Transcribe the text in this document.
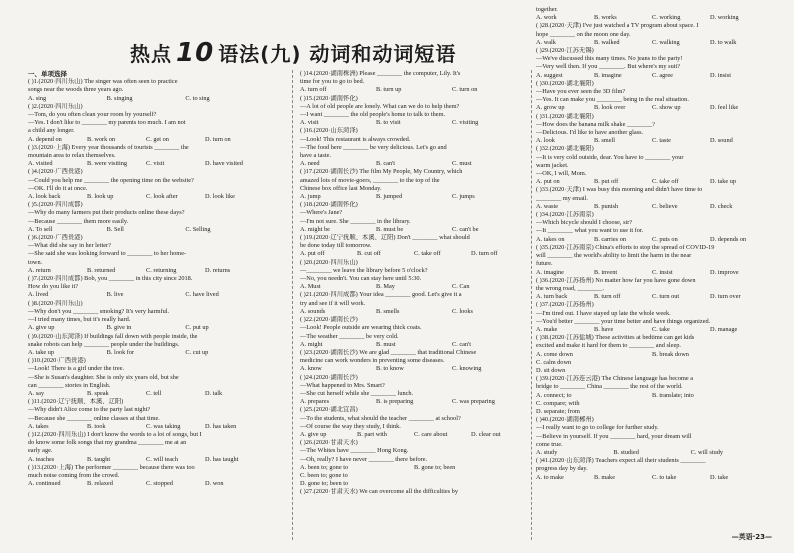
热点 10 语法(九) 动词和动词短语
一、单项选择
( )1.(2020·四川乐山) The singer was often seen to practice
songs near the woods three years ago.
A. sing	B. singing	C. to sing
( )2.(2020·四川乐山)
—Tom, do you often clean your room by yourself?
—Yes. I don't like to ________ my parents too much. I am not
a child any longer.
A. depend on	B. work on	C. get on	D. turn on
( )3.(2020·上海) Every year thousands of tourists ________ the
mountain area to relax themselves.
A. visited	B. were visiting	C. visit	D. have visited
( )4.(2020·广西贵港)
—Could you help me ________ the opening time on the website?
—OK. I'll do it at once.
A. look back	B. look up	C. look after	D. look like
( )5.(2020·四川成都)
—Why do many farmers put their products online these days?
—Because ________ them more easily.
A. To sell	B. Sell	C. Selling
( )6.(2020·广西贵港)
—What did she say in her letter?
—She said she was looking forward to ________ to her home-
town.
A. return	B. returned	C. returning	D. returns
( )7.(2020·四川成都) Bob, you ________ in this city since 2018.
How do you like it?
A. lived	B. live	C. have lived
( )8.(2020·四川乐山)
—Why don't you ________ smoking? It's very harmful.
—I tried many times, but it's really hard.
A. give up	B. give in	C. put up
( )9.(2020·山东菏泽) If buildings fall down with people inside, the
snake robots can help ________ people under the buildings.
A. take up	B. look for	C. cut up
( )10.(2020·广西贵港)
—Look! There is a girl under the tree.
—She is Susan's daughter. She is only six years old, but she
can ________ stories in English.
A. say	B. speak	C. tell	D. talk
( )11.(2020·辽宁抚顺、本溪、辽阳)
—Why didn't Alice come to the party last night?
—Because she ________ online classes at that time.
A. takes	B. took	C. was taking	D. has taken
( )12.(2020·四川乐山) I don't know the words to a lot of songs, but I
do know some folk songs that my grandma ________ me at an
early age.
A. teaches	B. taught	C. will teach	D. has taught
( )13.(2020·上海) The performer ________ because there was too
much noise coming from the crowd.
A. continued	B. relaxed	C. stopped	D. won
( )14.(2020·湖南株洲) Please ________ the computer, Lily. It's
time for you to go to bed.
A. turn off	B. turn up	C. turn on
( )15.(2020·湖南怀化)
—A lot of old people are lonely. What can we do to help them?
—I want ________ the old people's home to talk to them.
A. visit	B. to visit	C. visiting
( )16.(2020·山东菏泽)
—Look! This restaurant is always crowded.
—The food here ________ be very delicious. Let's go and
have a taste.
A. need	B. can't	C. must
( )17.(2020·湖南长沙) The film My People, My Country, which
amazed lots of movie-goers, ________ to the top of the
Chinese box office last Monday.
A. jump	B. jumped	C. jumps
( )18.(2020·湖南怀化)
—Where's Jane?
—I'm not sure. She ________ in the library.
A. might be	B. must be	C. can't be
( )19.(2020·辽宁抚顺、本溪、辽阳) Don't ________ what should
be done today till tomorrow.
A. put off	B. cut off	C. take off	D. turn off
( )20.(2020·四川乐山)
—________ we leave the library before 5 o'clock?
—No, you needn't. You can stay here until 5:30.
A. Must	B. May	C. Can
( )21.(2020·四川成都) Your idea ________ good. Let's give it a
try and see if it will work.
A. sounds	B. smells	C. looks
( )22.(2020·湖南长沙)
—Look! People outside are wearing thick coats.
—The weather ________ be very cold.
A. might	B. must	C. can't
( )23.(2020·湖南长沙) We are glad ________ that traditional Chinese
medicine can work wonders in preventing some diseases.
A. know	B. to know	C. knowing
( )24.(2020·湖南长沙)
—What happened to Mrs. Smart?
—She cut herself while she ________ lunch.
A. prepares	B. is preparing	C. was preparing
( )25.(2020·湖北宜昌)
—To the students, what should the teacher ________ at school?
—Of course the way they study, I think.
A. give up	B. part with	C. care about	D. clear out
( )26.(2020·甘肃天水)
—The Whites have ________ Hong Kong.
—Oh, really? I have never ________ there before.
A. been to; gone to	B. gone to; been
C. been to; gone to
D. gone to; been to
( )27.(2020·甘肃天水) We can overcome all the difficulties by
together.
A. work	B. works	C. working	D. working
( )28.(2020·天津) I've just watched a TV program about space. I
hope ________ on the moon one day.
A. walk	B. walked	C. walking	D. to walk
( )29.(2020·江苏无锡)
—We've discussed this many times. No jeans to the party!
—Very well then. If you ________. But where's my suit?
A. suggest	B. imagine	C. agree	D. insist
( )30.(2020·湖北襄阳)
—Have you ever seen the 3D film?
—Yes. It can make you ________ being in the real situation.
A. grow up	B. look over	C. show up	D. feel like
( )31.(2020·湖北襄阳)
—How does the banana milk shake ________?
—Delicious. I'd like to have another glass.
A. look	B. smell	C. taste	D. sound
( )32.(2020·湖北襄阳)
—It is very cold outside, dear. You have to ________ your
warm jacket.
—OK, I will, Mom.
A. put on	B. put off	C. take off	D. take up
( )33.(2020·天津) I was busy this morning and didn't have time to
________ my email.
A. waste	B. punish	C. believe	D. check
( )34.(2020·江苏南京)
—Which bicycle should I choose, sir?
—It ________ what you want to use it for.
A. takes on	B. carries on	C. puts on	D. depends on
( )35.(2020·江苏南京) China's efforts to stop the spread of COVID-19
will ________ the world's ability to limit the harm in the near
future.
A. imagine	B. invent	C. insist	D. improve
( )36.(2020·江苏扬州) No matter how far you have gone down
the wrong road, ________.
A. turn back	B. turn off	C. turn out	D. turn over
( )37.(2020·江苏扬州)
—I'm tired out. I have stayed up late the whole week.
—You'd better ________ your time better and have things organized.
A. make	B. have	C. take	D. manage
( )38.(2020·江苏盐城) These activities at bedtime can get kids
excited and make it hard for them to ________ and sleep.
A. come down	B. break down
C. calm down
D. sit down
( )39.(2020·江苏连云港) The Chinese language has become a
bridge to ________ China ________ the rest of the world.
A. connect; to	B. translate; into
C. compare; with
D. separate; from
( )40.(2020·湖南郴州)
—I really want to go to college for further study.
—Believe in yourself. If you ________ hard, your dream will
come true.
A. study	B. studied	C. will study
( )41.(2020·山东菏泽) Teachers expect all their students ________
progress day by day.
A. to make	B. make	C. to take	D. take
—英语·23—
